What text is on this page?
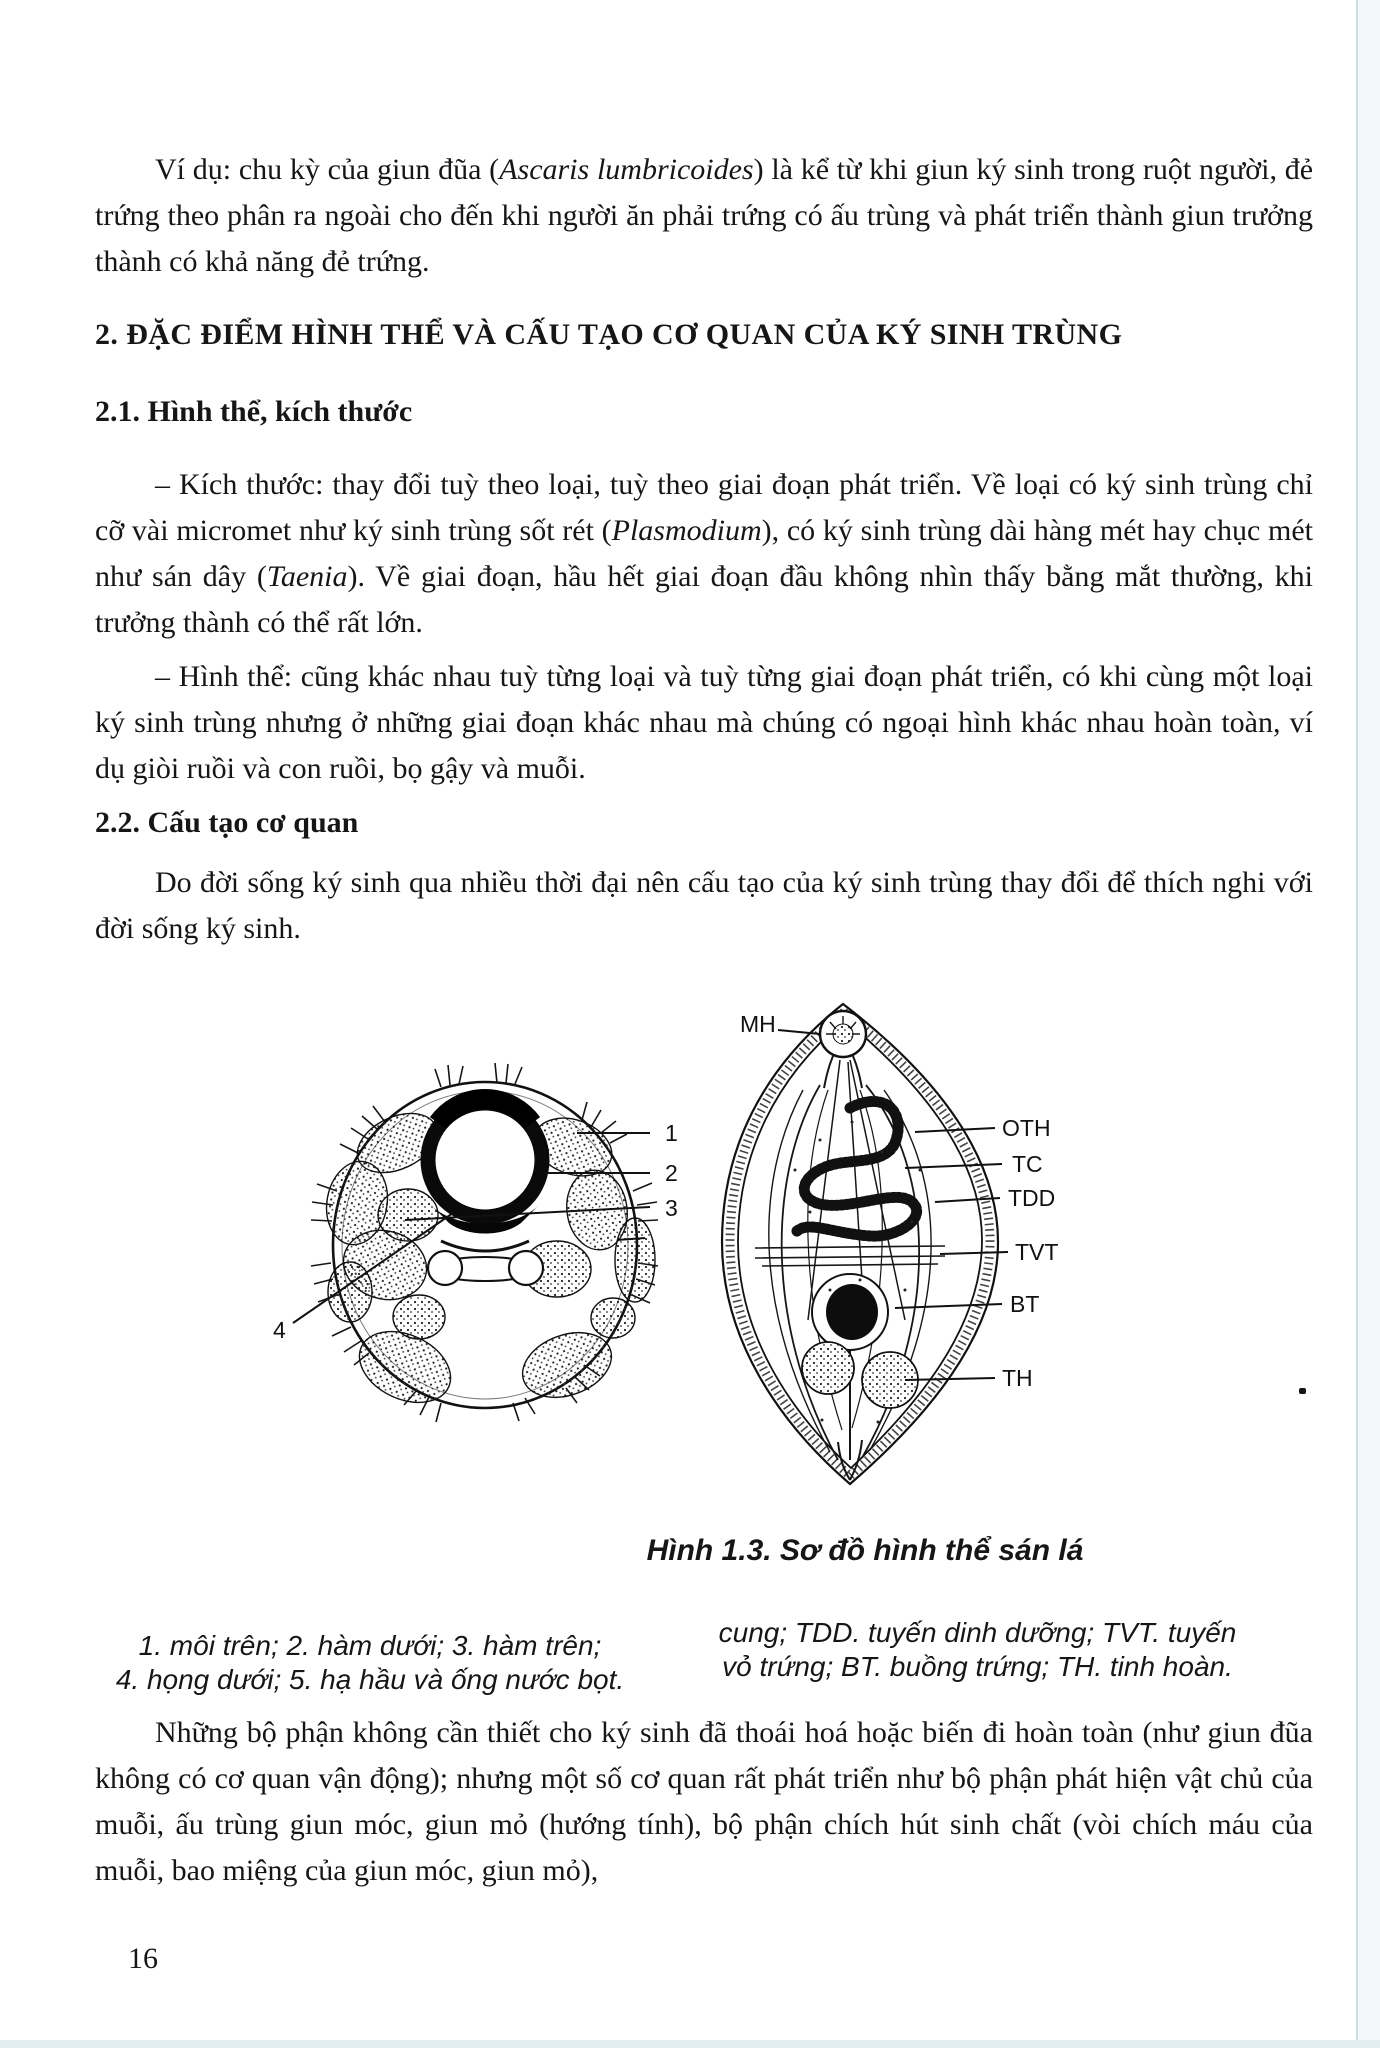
Ví dụ: chu kỳ của giun đũa (Ascaris lumbricoides) là kể từ khi giun ký sinh trong ruột người, đẻ trứng theo phân ra ngoài cho đến khi người ăn phải trứng có ấu trùng và phát triển thành giun trưởng thành có khả năng đẻ trứng.
2. ĐẶC ĐIỂM HÌNH THỂ VÀ CẤU TẠO CƠ QUAN CỦA KÝ SINH TRÙNG
2.1. Hình thể, kích thước
– Kích thước: thay đổi tuỳ theo loại, tuỳ theo giai đoạn phát triển. Về loại có ký sinh trùng chỉ cỡ vài micromet như ký sinh trùng sốt rét (Plasmodium), có ký sinh trùng dài hàng mét hay chục mét như sán dây (Taenia). Về giai đoạn, hầu hết giai đoạn đầu không nhìn thấy bằng mắt thường, khi trưởng thành có thể rất lớn.
– Hình thể: cũng khác nhau tuỳ từng loại và tuỳ từng giai đoạn phát triển, có khi cùng một loại ký sinh trùng nhưng ở những giai đoạn khác nhau mà chúng có ngoại hình khác nhau hoàn toàn, ví dụ giòi ruồi và con ruồi, bọ gậy và muỗi.
2.2. Cấu tạo cơ quan
Do đời sống ký sinh qua nhiều thời đại nên cấu tạo của ký sinh trùng thay đổi để thích nghi với đời sống ký sinh.
1
2
3
4
MH
OTH
TC
TDD
TVT
BT
TH
Hình 1.3. Sơ đồ hình thể sán lá
1. môi trên; 2. hàm dưới; 3. hàm trên;
4. họng dưới; 5. hạ hầu và ống nước bọt.
cung; TDD. tuyến dinh dưỡng; TVT. tuyến
vỏ trứng; BT. buồng trứng; TH. tinh hoàn.
Những bộ phận không cần thiết cho ký sinh đã thoái hoá hoặc biến đi hoàn toàn (như giun đũa không có cơ quan vận động); nhưng một số cơ quan rất phát triển như bộ phận phát hiện vật chủ của muỗi, ấu trùng giun móc, giun mỏ (hướng tính), bộ phận chích hút sinh chất (vòi chích máu của muỗi, bao miệng của giun móc, giun mỏ),
16
